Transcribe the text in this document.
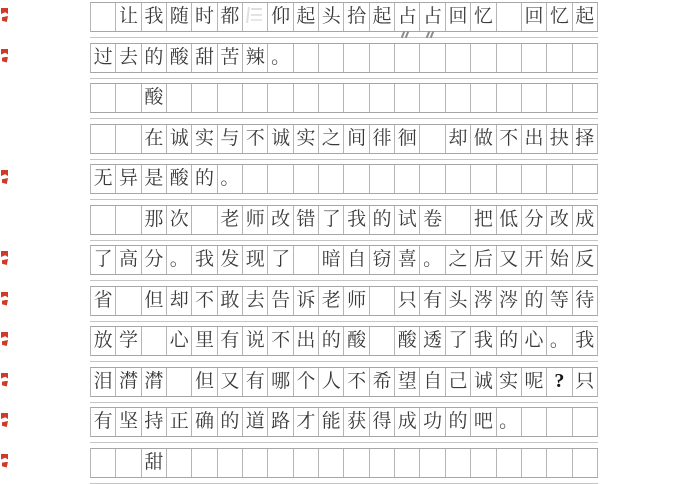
让 我 随 时 都 仰 起 头 拾 起 占 占 回 忆 回 忆 起
过 去 的 酸 甜 苦 辣 。
酸
在 诚 实 与 不 诚 实 之 间 徘 徊 却 做 不 出 抉 择
无 异 是 酸 的 。
那 次 老 师 改 错 了 我 的 试 卷 把 低 分 改 成
了 高 分 。 我 发 现 了 暗 自 窃 喜 。 之 后 又 开 始 反
省 但 却 不 敢 去 告 诉 老 师 只 有 头 涔 涔 的 等 待
放 学 心 里 有 说 不 出 的 酸 酸 透 了 我 的 心 。 我
泪 潸 潸 但 又 有 哪 个 人 不 希 望 自 己 诚 实 呢 ? 只
有 坚 持 正 确 的 道 路 才 能 获 得 成 功 的 吧 。
甜
